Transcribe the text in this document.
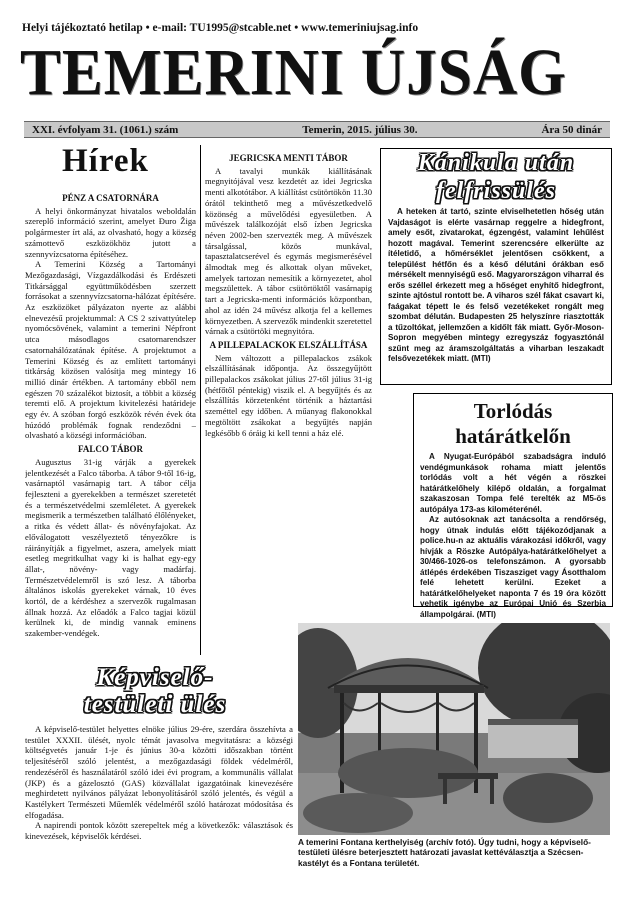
Helyi tájékoztató hetilap • e-mail: TU1995@stcable.net • www.temeriniujsag.info
TEMERINI ÚJSÁG
XXI. évfolyam 31. (1061.) szám	Temerin, 2015. július 30.	Ára 50 dinár
Hírek
PÉNZ A CSATORNÁRA

A helyi önkormányzat hivatalos weboldalán szereplő információ szerint, amelyet Đuro Žiga polgármester írt alá, az olvasható, hogy a község számottevő eszközökhöz jutott a szennyvízcsatorna építéséhez.

A Temerini Község a Tartományi Mezőgazdasági, Vízgazdálkodási és Erdészeti Titkársággal együttműködésben szerzett forrásokat a szennyvízcsatorna-hálózat építésére. Az eszközöket pályázaton nyerte az alábbi elnevezésű projektummal: A CS 2 szivattyútelep nyomócsövének, valamint a temerini Népfront utca másodlagos csatornarendszer csatornahálózatának építése. A projektumot a Temerini Község és az említett tartományi titkárság közösen valósítja meg mintegy 16 millió dinár értékben. A tartomány ebből nem egészen 70 százalékot biztosít, a többit a község teremti elő. A projektum kivitelezési határideje egy év. A szóban forgó eszközök révén évek óta húzódó problémák fognak rendeződni – olvasható a községi információban.

FALCO TÁBOR

Augusztus 31-ig várják a gyerekek jelentkezését a Falco táborba. A tábor 9-től 16-ig, vasárnaptól vasárnapig tart. A tábor célja fejleszteni a gyerekekben a természet szeretetét és a természetvédelmi szemléletet. A gyerekek megismerik a természetben található élőlényeket, a ritka és védett állat- és növényfajokat. Az előválogatott veszélyeztető tényezőkre is ráirányítják a figyelmet, aszera, amelyek miatt esetleg megritkulhat vagy ki is halhat egy-egy állat-, növény- vagy madárfaj. Természetvédelemről is szó lesz. A táborba általános iskolás gyerekeket várnak, 10 éves kortól, de a kérdéshez a szervezők rugalmasan állnak hozzá. Az előadók a Falco tagjai közül kerülnek ki, de mindig vannak eminens szakember-vendégek.

JEGRICSKA MENTI TÁBOR

A tavalyi munkák kiállításának megnyitójával vesz kezdetét az idei Jegricska menti alkotótábor. A kiállítást csütörtökön 11.30 órától tekinthető meg a művészetkedvelő közönség a művelődési egyesületben. A művészek találkozóját első ízben Jegricska néven 2002-ben szervezték meg. A művészek társalgással, közös munkával, tapasztalatcserével és egymás megismerésével álmodtak meg és alkottak olyan műveket, amelyek tartozan nemesítik a környezetet, ahol megszülettek. A tábor csütörtöktől vasárnapig tart a Jegricska-menti információs központban, ahol az idén 24 művész alkotja fel a kellemes környezetben. A szervezők mindenkit szeretettel várnak a csütörtöki megnyitóra.

A PILLEPALACKOK ELSZÁLLÍTÁSA

Nem változott a pillepalackos zsákok elszállításának időpontja. Az összegyűjtött pillepalackos zsákokat július 27-től július 31-ig (hétfőtől péntekig) viszik el. A begyűjtés és az elszállítás körzetenként történik a háztartási szeméttel egy időben. A műanyag flakonokkal megtöltött zsákokat a begyűjtés napján legkésőbb 6 óráig ki kell tenni a ház elé.

Kánikula után
felfrissülés

A heteken át tartó, szinte elviselhetetlen hőség után Vajdaságot is elérte vasárnap reggelre a hidegfront, amely esőt, zivatarokat, égzengést, valamint lehűlést hozott magával. Temerint szerencsére elkerülte az ítéletidő, a hőmérséklet jelentősen csökkent, a települést hétfőn és a késő délutáni órákban eső mérsékelt mennyiségű eső. Magyarországon viharral és erős széllel érkezett meg a hőséget enyhítő hidegfront, szinte ajtóstul rontott be. A viharos szél fákat csavart ki, faágakat tépett le és felső vezetékeket rongált meg szombat délután. Budapesten 25 helyszínre riasztották a tűzoltókat, jellemzően a kidőlt fák miatt. Győr-Moson-Sopron megyében mintegy ezregyszáz fogyasztónál szűnt meg az áramszolgáltatás a viharban leszakadt felsővezetékek miatt. (MTI)

Torlódás határátkelőn

A Nyugat-Európából szabadságra induló vendégmunkások rohama miatt jelentős torlódás volt a hét végén a röszkei határátkelőhely kilépő oldalán, a forgalmat szakaszosan Tompa felé terelték az M5-ös autópálya 173-as kilométerénél.

Az autósoknak azt tanácsolta a rendőrség, hogy útnak indulás előtt tájékozódjanak a police.hu-n az aktuális várakozási időkről, vagy hívják a Röszke Autópálya-határátkelőhelyet a 30/466-1026-os telefonszámon. A gyorsabb átlépés érdekében Tiszasziget vagy Ásotthalom felé lehetett kerülni. Ezeket a határátkelőhelyeket naponta 7 és 19 óra között vehetik igénybe az Európai Unió és Szerbia állampolgárai. (MTI)

Képviselő-
testületi ülés

A képviselő-testület helyettes elnöke július 29-ére, szerdára összehívta a testület XXXII. ülését, nyolc témát javasolva megvitatásra: a községi költségvetés január 1-je és június 30-a közötti időszakban történt teljesítéséről szóló jelentést, a mezőgazdasági földek védelméről, rendezéséről és használatáról szóló idei évi program, a kommunális vállalat (JKP) és a gázelosztó (GAS) közvállalat igazgatóinak kinevezésére meghirdetett nyilvános pályázat lebonyolításáról szóló jelentés, és végül a Kastélykert Természeti Műemlék védelméről szóló határozat módosítása és elfogadása.

A napirendi pontok között szerepeltek még a következők: választások és kinevezések, képviselők kérdései.

A temerini Fontana kerthelyiség (archív fotó). Úgy tudni, hogy a képviselő-testületi ülésre beterjesztett határozati javaslat kettéválasztja a Szécsen-kastélyt és a Fontana területét.
